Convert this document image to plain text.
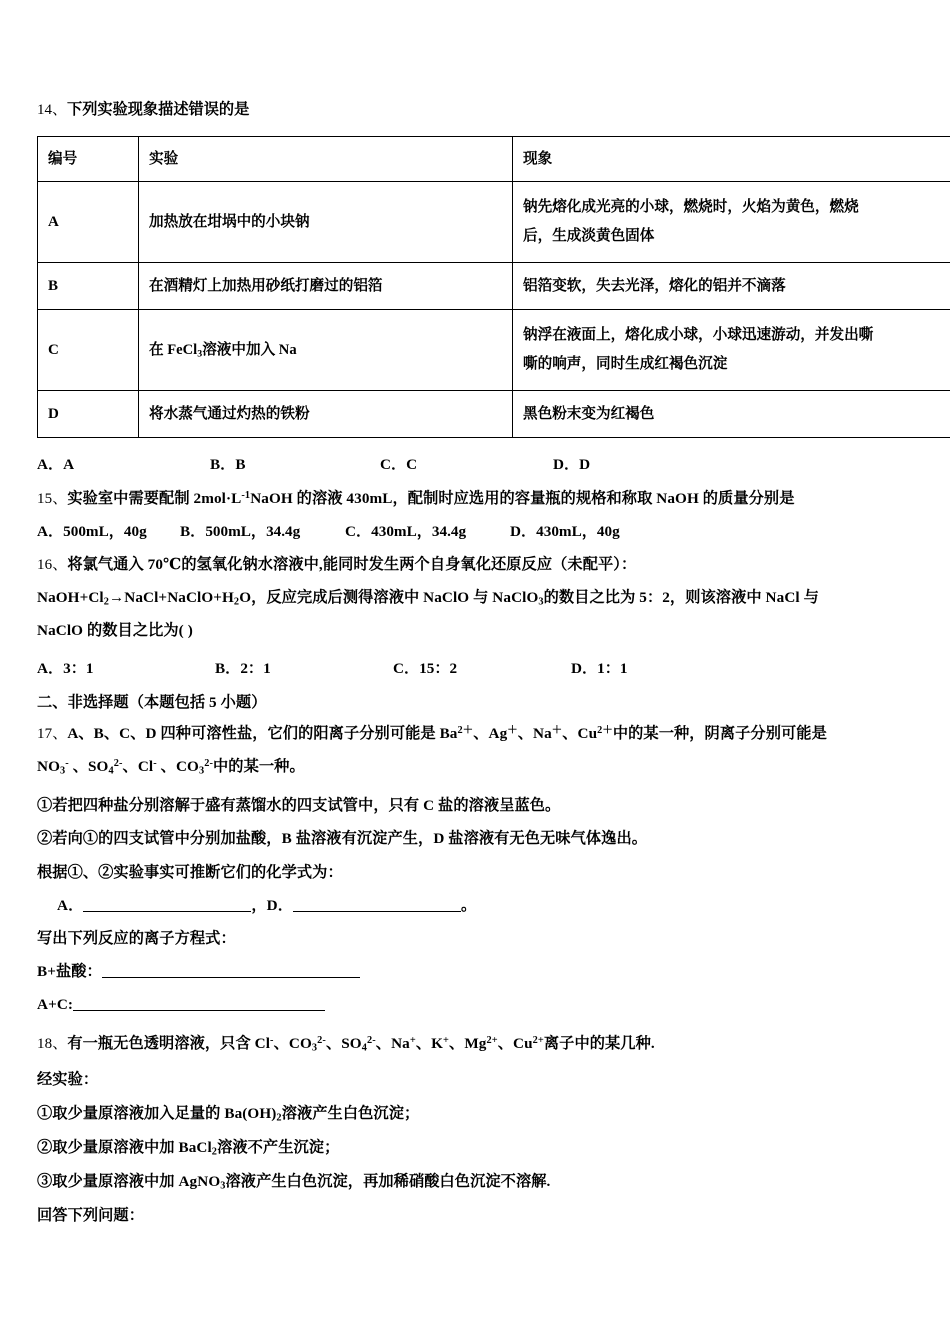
14、下列实验现象描述错误的是
编号	实验	现象
A	加热放在坩埚中的小块钠	钠先熔化成光亮的小球，燃烧时，火焰为黄色，燃烧
后，生成淡黄色固体

B	在酒精灯上加热用砂纸打磨过的铝箔	铝箔变软，失去光泽，熔化的铝并不滴落
C	在 FeCl$_3$溶液中加入 Na	钠浮在液面上，熔化成小球，小球迅速游动，并发出嘶
嘶的响声，同时生成红褐色沉淀

D	将水蒸气通过灼热的铁粉	黑色粉末变为红褐色
A．A	B．B	C．C	D．D
15、实验室中需要配制 $2mol\cdot L^{-1}NaOH$ 的溶液 430mL，配制时应选用的容量瓶的规格和称取 NaOH 的质量分别是
A．500mL，40g	B．500mL，34.4g	C．430mL，34.4g	D．430mL，40g
16、将氯气通入 70℃的氢氧化钠水溶液中,能同时发生两个自身氧化还原反应（未配平）：
$NaOH+Cl_2\to NaCl+NaClO+H_2O$，反应完成后测得溶液中 NaClO 与 NaClO$_3$的数目之比为 5：2，则该溶液中 NaCl 与
NaClO 的数目之比为( )
A．3：1	B．2：1	C．15：2	D．1：1
二、非选择题（本题包括 5 小题）
17、A、B、C、D 四种可溶性盐，它们的阳离子分别可能是 $Ba^{2+}$、Ag＋、Na＋、$Cu^{2+}$中的某一种，阴离子分别可能是
$NO_3^-$ 、$SO_4^{2-}$、Cl- 、$CO_3^{2-}$中的某一种。
①若把四种盐分别溶解于盛有蒸馏水的四支试管中，只有 C 盐的溶液呈蓝色。
②若向①的四支试管中分别加盐酸，B 盐溶液有沉淀产生，D 盐溶液有无色无味气体逸出。
根据①、②实验事实可推断它们的化学式为：
A．	，D．	。
写出下列反应的离子方程式：
B+盐酸：
A+C:
18、有一瓶无色透明溶液，只含 Cl-、$CO_3^{2-}$、$SO_4^{2-}$、Na+、K+、$Mg^{2+}$、$Cu^{2+}$离子中的某几种.
经实验：
①取少量原溶液加入足量的 $Ba(OH)_2$溶液产生白色沉淀；
②取少量原溶液中加 BaCl$_2$溶液不产生沉淀；
③取少量原溶液中加 AgNO$_3$溶液产生白色沉淀，再加稀硝酸白色沉淀不溶解.
回答下列问题：
